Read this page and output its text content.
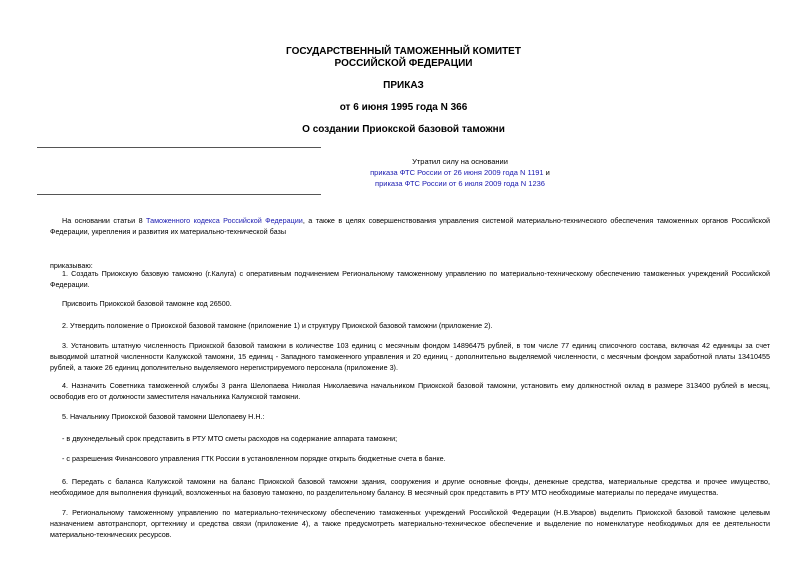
ГОСУДАРСТВЕННЫЙ ТАМОЖЕННЫЙ КОМИТЕТ
РОССИЙСКОЙ ФЕДЕРАЦИИ
ПРИКАЗ
от 6 июня 1995 года N 366
О создании Приокской базовой таможни
Утратил силу на основании
приказа ФТС России от 26 июня 2009 года N 1191 и
приказа ФТС России от 6 июля 2009 года N 1236
На основании статьи 8 Таможенного кодекса Российской Федерации, а также в целях совершенствования управления системой материально-технического обеспечения таможенных органов Российской Федерации, укрепления и развития их материально-технической базы
приказываю:
1. Создать Приокскую базовую таможню (г.Калуга) с оперативным подчинением Региональному таможенному управлению по материально-техническому обеспечению таможенных учреждений Российской Федерации.
Присвоить Приокской базовой таможне код 26500.
2. Утвердить положение о Приокской базовой таможне (приложение 1) и структуру Приокской базовой таможни (приложение 2).
3. Установить штатную численность Приокской базовой таможни в количестве 103 единиц с месячным фондом 14896475 рублей, в том числе 77 единиц списочного состава, включая 42 единицы за счет выводимой штатной численности Калужской таможни, 15 единиц - Западного таможенного управления и 20 единиц - дополнительно выделяемой численности, с месячным фондом заработной платы 13410455 рублей, а также 26 единиц дополнительно выделяемого нерегистрируемого персонала (приложение 3).
4. Назначить Советника таможенной службы 3 ранга Шелопаева Николая Николаевича начальником Приокской базовой таможни, установить ему должностной оклад в размере 313400 рублей в месяц, освободив его от должности заместителя начальника Калужской таможни.
5. Начальнику Приокской базовой таможни Шелопаеву Н.Н.:
- в двухнедельный срок представить в РТУ МТО сметы расходов на содержание аппарата таможни;
- с разрешения Финансового управления ГТК России в установленном порядке открыть бюджетные счета в банке.
6. Передать с баланса Калужской таможни на баланс Приокской базовой таможни здания, сооружения и другие основные фонды, денежные средства, материальные средства и прочее имущество, необходимое для выполнения функций, возложенных на базовую таможню, по разделительному балансу. В месячный срок представить в РТУ МТО необходимые материалы по передаче имущества.
7. Региональному таможенному управлению по материально-техническому обеспечению таможенных учреждений Российской Федерации (Н.В.Уваров) выделить Приокской базовой таможне целевым назначением автотранспорт, оргтехнику и средства связи (приложение 4), а также предусмотреть материально-техническое обеспечение и выделение по номенклатуре необходимых для ее деятельности материально-технических ресурсов.
